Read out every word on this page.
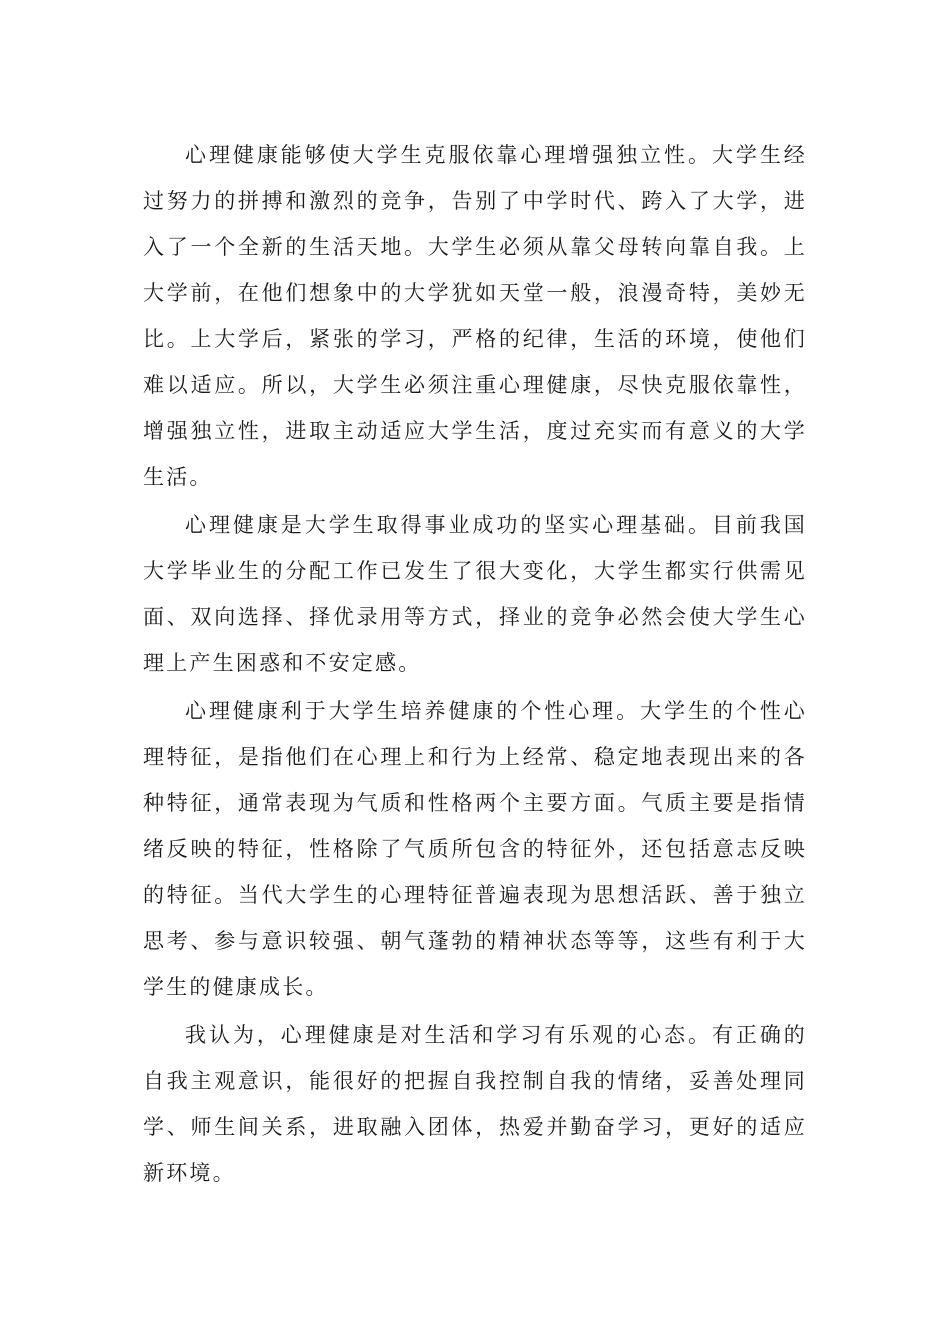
心理健康能够使大学生克服依靠心理增强独立性。大学生经过努力的拼搏和激烈的竞争，告别了中学时代、跨入了大学，进入了一个全新的生活天地。大学生必须从靠父母转向靠自我。上大学前，在他们想象中的大学犹如天堂一般，浪漫奇特，美妙无比。上大学后，紧张的学习，严格的纪律，生活的环境，使他们难以适应。所以，大学生必须注重心理健康，尽快克服依靠性，增强独立性，进取主动适应大学生活，度过充实而有意义的大学生活。

心理健康是大学生取得事业成功的坚实心理基础。目前我国大学毕业生的分配工作已发生了很大变化，大学生都实行供需见面、双向选择、择优录用等方式，择业的竞争必然会使大学生心理上产生困惑和不安定感。

心理健康利于大学生培养健康的个性心理。大学生的个性心理特征，是指他们在心理上和行为上经常、稳定地表现出来的各种特征，通常表现为气质和性格两个主要方面。气质主要是指情绪反映的特征，性格除了气质所包含的特征外，还包括意志反映的特征。当代大学生的心理特征普遍表现为思想活跃、善于独立思考、参与意识较强、朝气蓬勃的精神状态等等，这些有利于大学生的健康成长。

我认为，心理健康是对生活和学习有乐观的心态。有正确的自我主观意识，能很好的把握自我控制自我的情绪，妥善处理同学、师生间关系，进取融入团体，热爱并勤奋学习，更好的适应新环境。
